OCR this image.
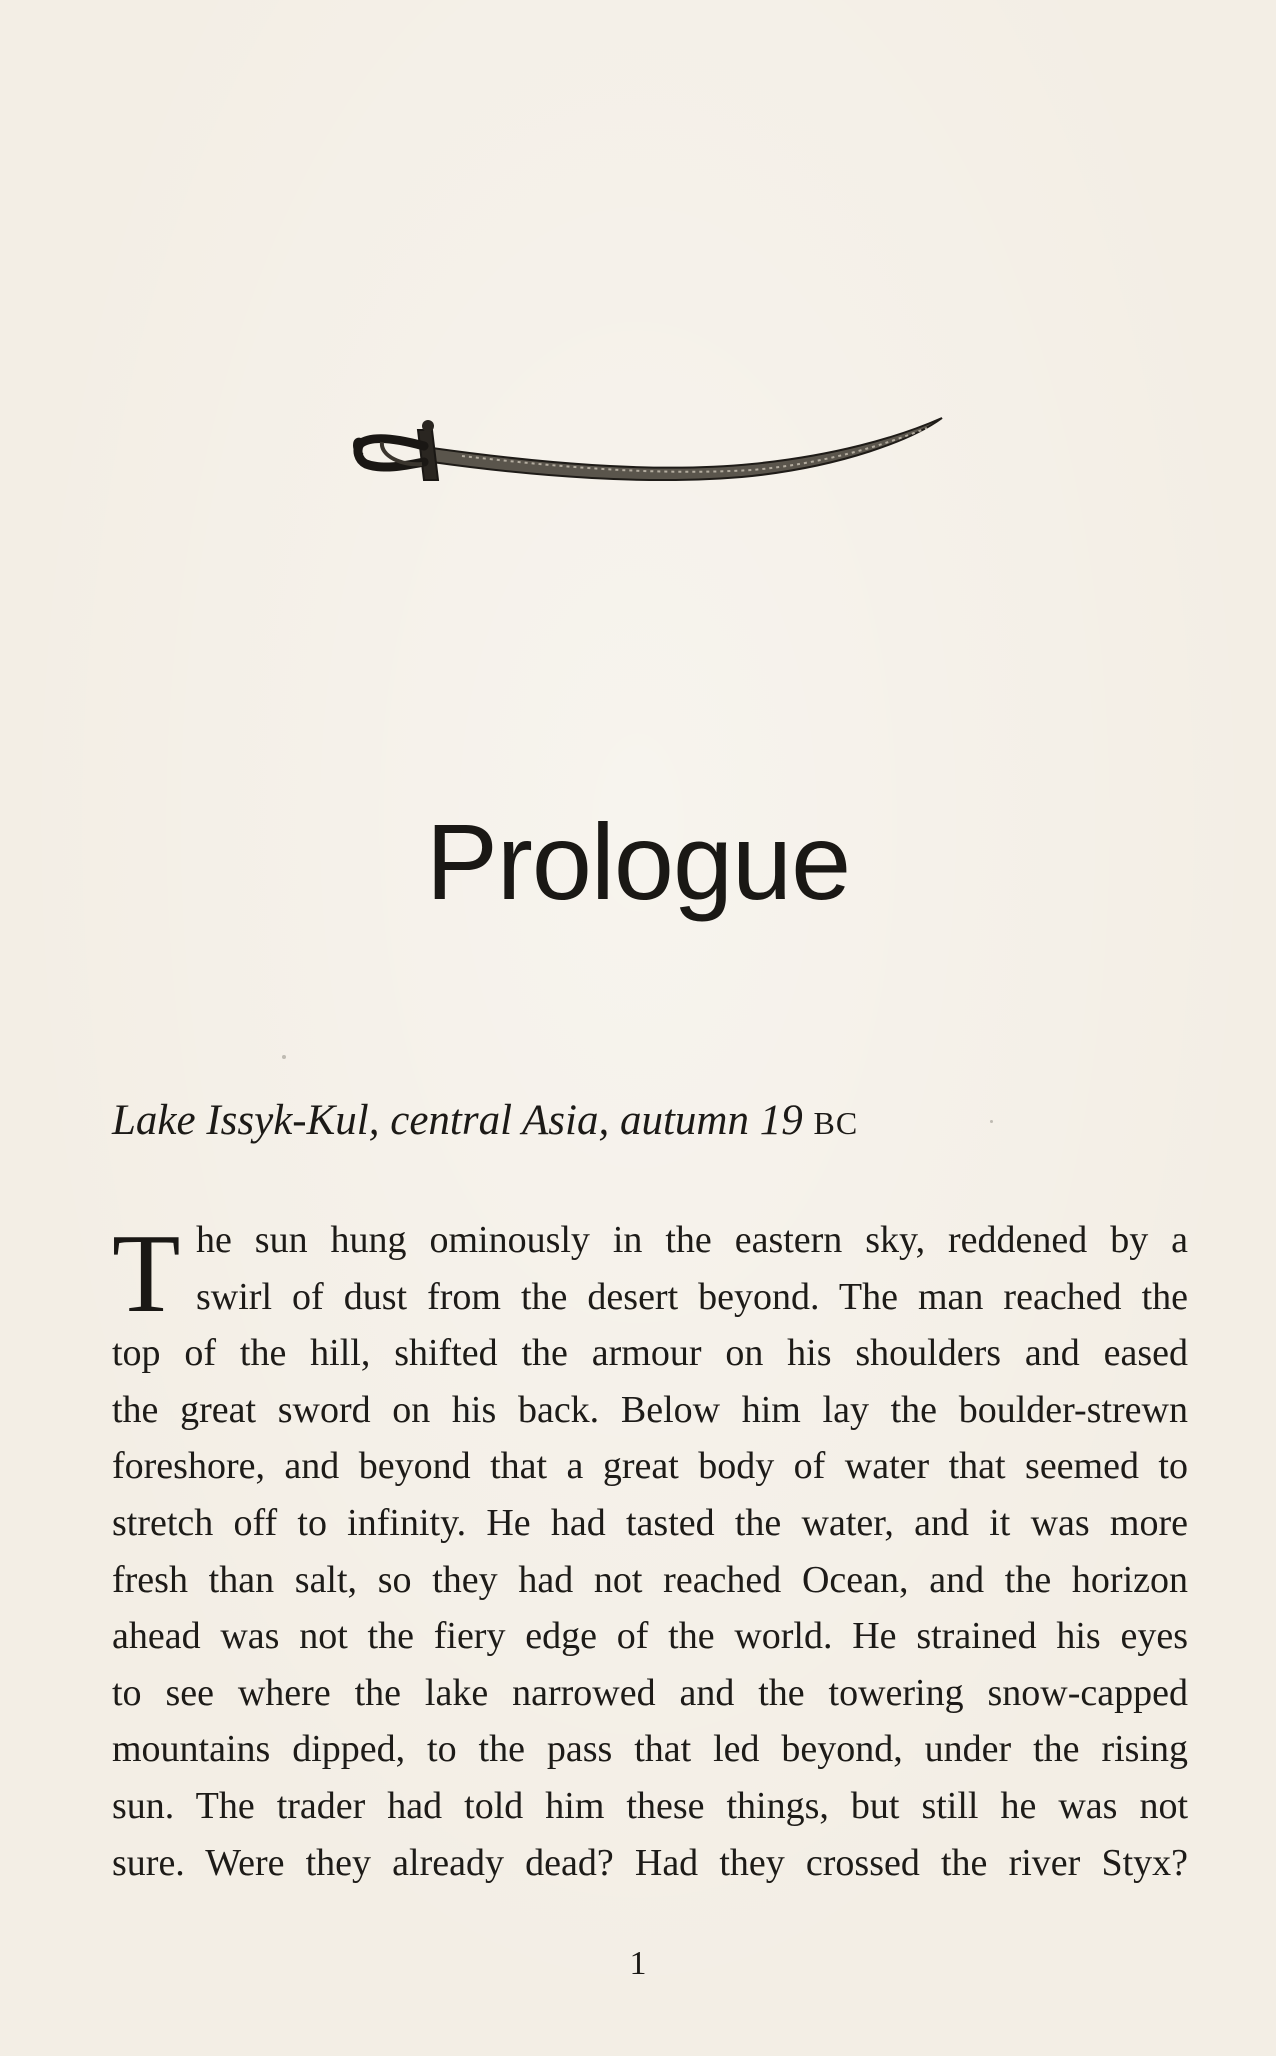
Prologue
Lake Issyk-Kul, central Asia, autumn 19 BC
T he sun hung ominously in the eastern sky, reddened by a
swirl of dust from the desert beyond. The man reached the
top of the hill, shifted the armour on his shoulders and eased
the great sword on his back. Below him lay the boulder-strewn
foreshore, and beyond that a great body of water that seemed to
stretch off to infinity. He had tasted the water, and it was more
fresh than salt, so they had not reached Ocean, and the horizon
ahead was not the fiery edge of the world. He strained his eyes
to see where the lake narrowed and the towering snow-capped
mountains dipped, to the pass that led beyond, under the rising
sun. The trader had told him these things, but still he was not
sure. Were they already dead? Had they crossed the river Styx?
1
